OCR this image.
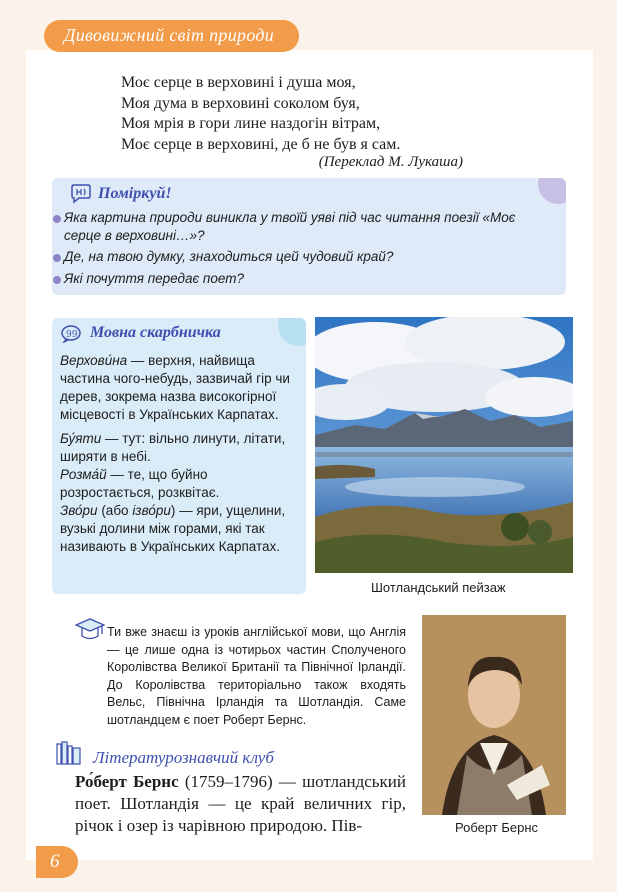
Дивовижний світ природи
Моє серце в верховині і душа моя,
Моя дума в верховині соколом буя,
Моя мрія в гори лине наздогін вітрам,
Моє серце в верховині, де б не був я сам.
(Переклад М. Лукаша)
Поміркуй!
Яка картина природи виникла у твоїй уяві під час читання поезії «Моє серце в верховині…»?
Де, на твою думку, знаходиться цей чудовий край?
Які почуття передає поет?
99 Мовна скарбничка

Верхови́на — верхня, найвища частина чого-небудь, зазвичай гір чи дерев, зокрема назва високогірної місцевості в Українських Карпатах.

Бу́яти — тут: вільно линути, літати, ширяти в небі.

Розма́й — те, що буйно розростається, розквітає.

Зво́ри (або ізво́ри) — яри, ущелини, вузькі долини між горами, які так називають в Українських Карпатах.

Шотландський пейзаж
Ти вже знаєш із уроків англійської мови, що Англія — це лише одна із чотирьох частин Сполученого Королівства Великої Британії та Північної Ірландії. До Королівства територіально також входять Вельс, Північна Ірландія та Шотландія. Саме шотландцем є поет Роберт Бернс.
Літературознавчий клуб
Ро́берт Бернс (1759–1796) — шотландський поет. Шотландія — це край величних гір, річок і озер із чарівною природою. Пів-	Роберт Бернс
6
